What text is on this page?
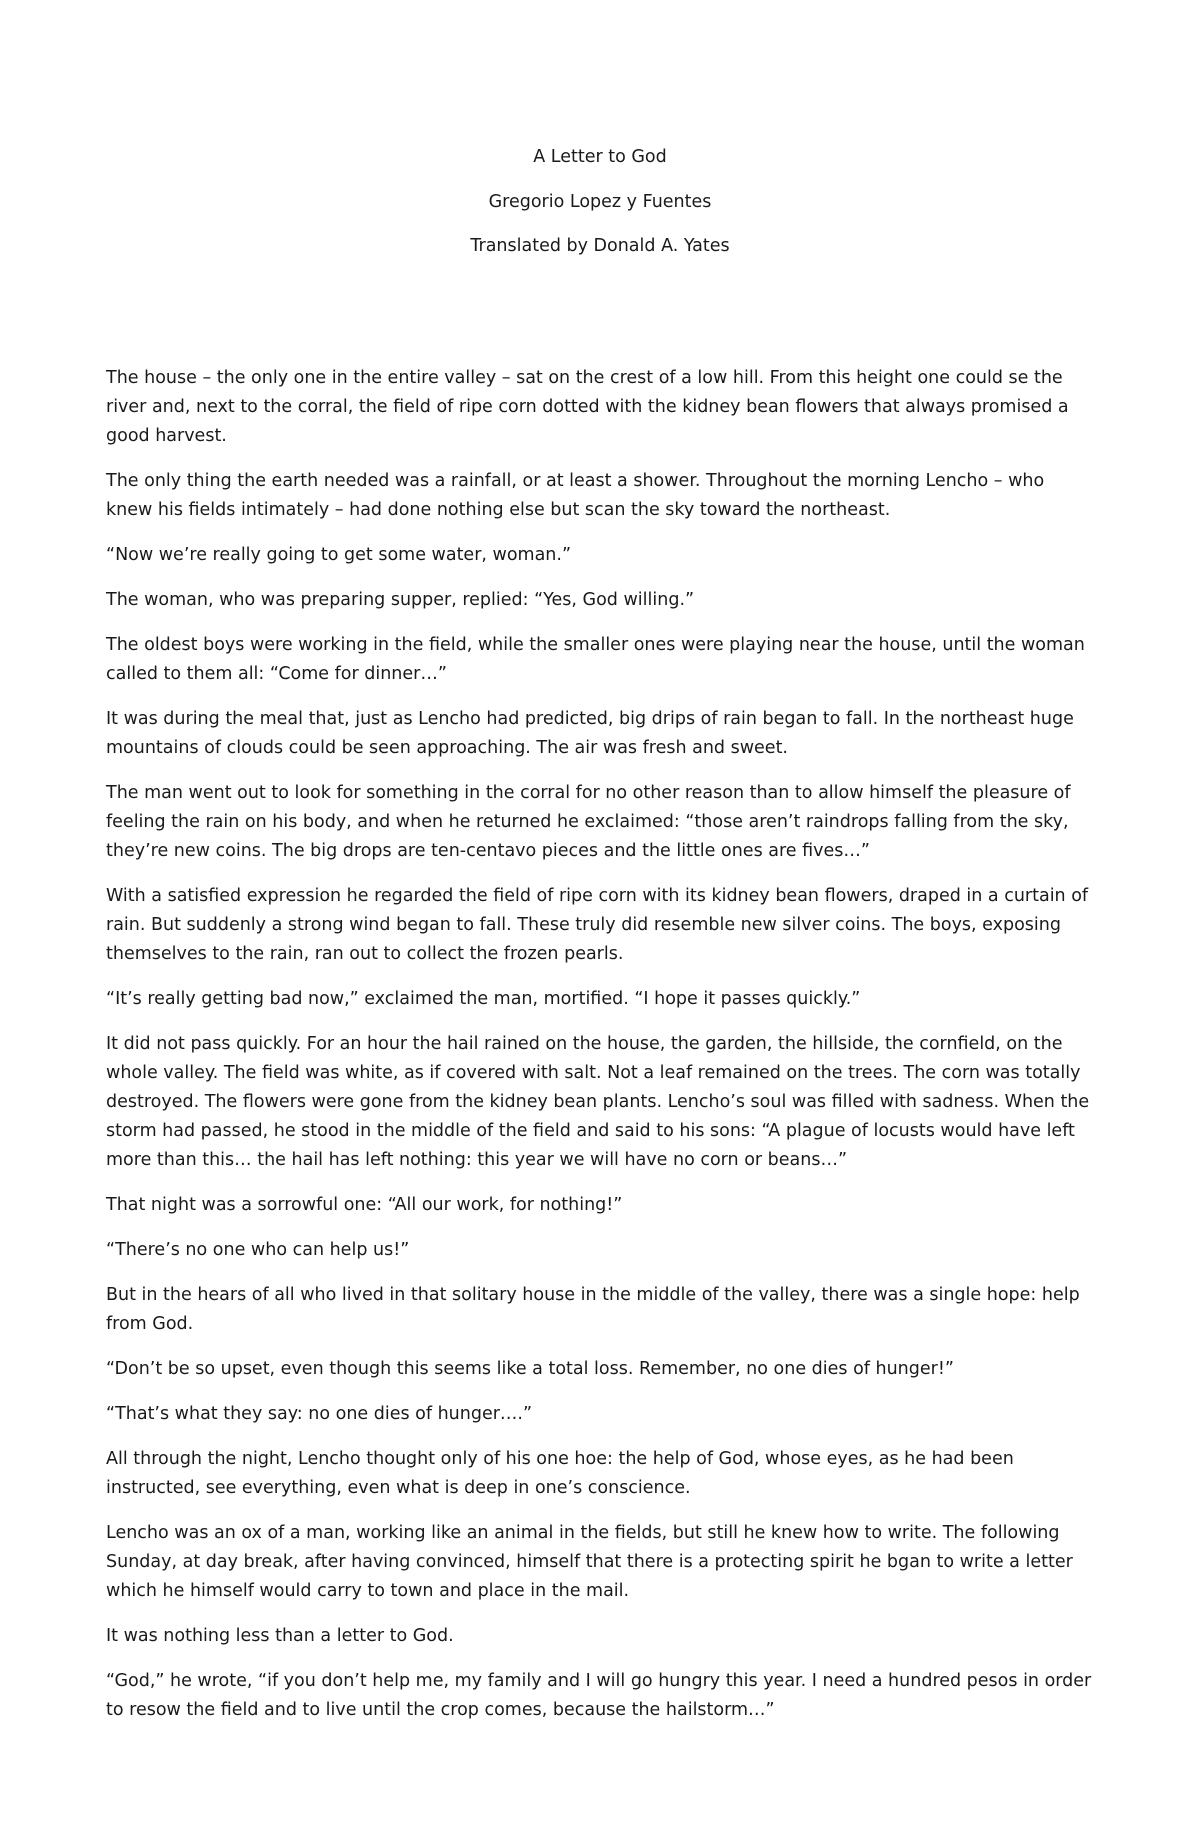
A Letter to God
Gregorio Lopez y Fuentes
Translated by Donald A. Yates

The house – the only one in the entire valley – sat on the crest of a low hill. From this height one could se the river and, next to the corral, the field of ripe corn dotted with the kidney bean flowers that always promised a good harvest.

The only thing the earth needed was a rainfall, or at least a shower. Throughout the morning Lencho – who knew his fields intimately – had done nothing else but scan the sky toward the northeast.

“Now we’re really going to get some water, woman.”

The woman, who was preparing supper, replied: “Yes, God willing.”

The oldest boys were working in the field, while the smaller ones were playing near the house, until the woman called to them all: “Come for dinner…”

It was during the meal that, just as Lencho had predicted, big drips of rain began to fall. In the northeast huge mountains of clouds could be seen approaching. The air was fresh and sweet.

The man went out to look for something in the corral for no other reason than to allow himself the pleasure of feeling the rain on his body, and when he returned he exclaimed: “those aren’t raindrops falling from the sky, they’re new coins. The big drops are ten-centavo pieces and the little ones are fives…”

With a satisfied expression he regarded the field of ripe corn with its kidney bean flowers, draped in a curtain of rain. But suddenly a strong wind began to fall. These truly did resemble new silver coins. The boys, exposing themselves to the rain, ran out to collect the frozen pearls.

“It’s really getting bad now,” exclaimed the man, mortified. “I hope it passes quickly.”

It did not pass quickly. For an hour the hail rained on the house, the garden, the hillside, the cornfield, on the whole valley. The field was white, as if covered with salt. Not a leaf remained on the trees. The corn was totally destroyed. The flowers were gone from the kidney bean plants. Lencho’s soul was filled with sadness. When the storm had passed, he stood in the middle of the field and said to his sons: “A plague of locusts would have left more than this… the hail has left nothing: this year we will have no corn or beans…”

That night was a sorrowful one: “All our work, for nothing!”

“There’s no one who can help us!”

But in the hears of all who lived in that solitary house in the middle of the valley, there was a single hope: help from God.

“Don’t be so upset, even though this seems like a total loss. Remember, no one dies of hunger!”

“That’s what they say: no one dies of hunger….”

All through the night, Lencho thought only of his one hoe: the help of God, whose eyes, as he had been instructed, see everything, even what is deep in one’s conscience.

Lencho was an ox of a man, working like an animal in the fields, but still he knew how to write. The following Sunday, at day break, after having convinced, himself that there is a protecting spirit he bgan to write a letter which he himself would carry to town and place in the mail.

It was nothing less than a letter to God.

“God,” he wrote, “if you don’t help me, my family and I will go hungry this year. I need a hundred pesos in order to resow the field and to live until the crop comes, because the hailstorm…”
